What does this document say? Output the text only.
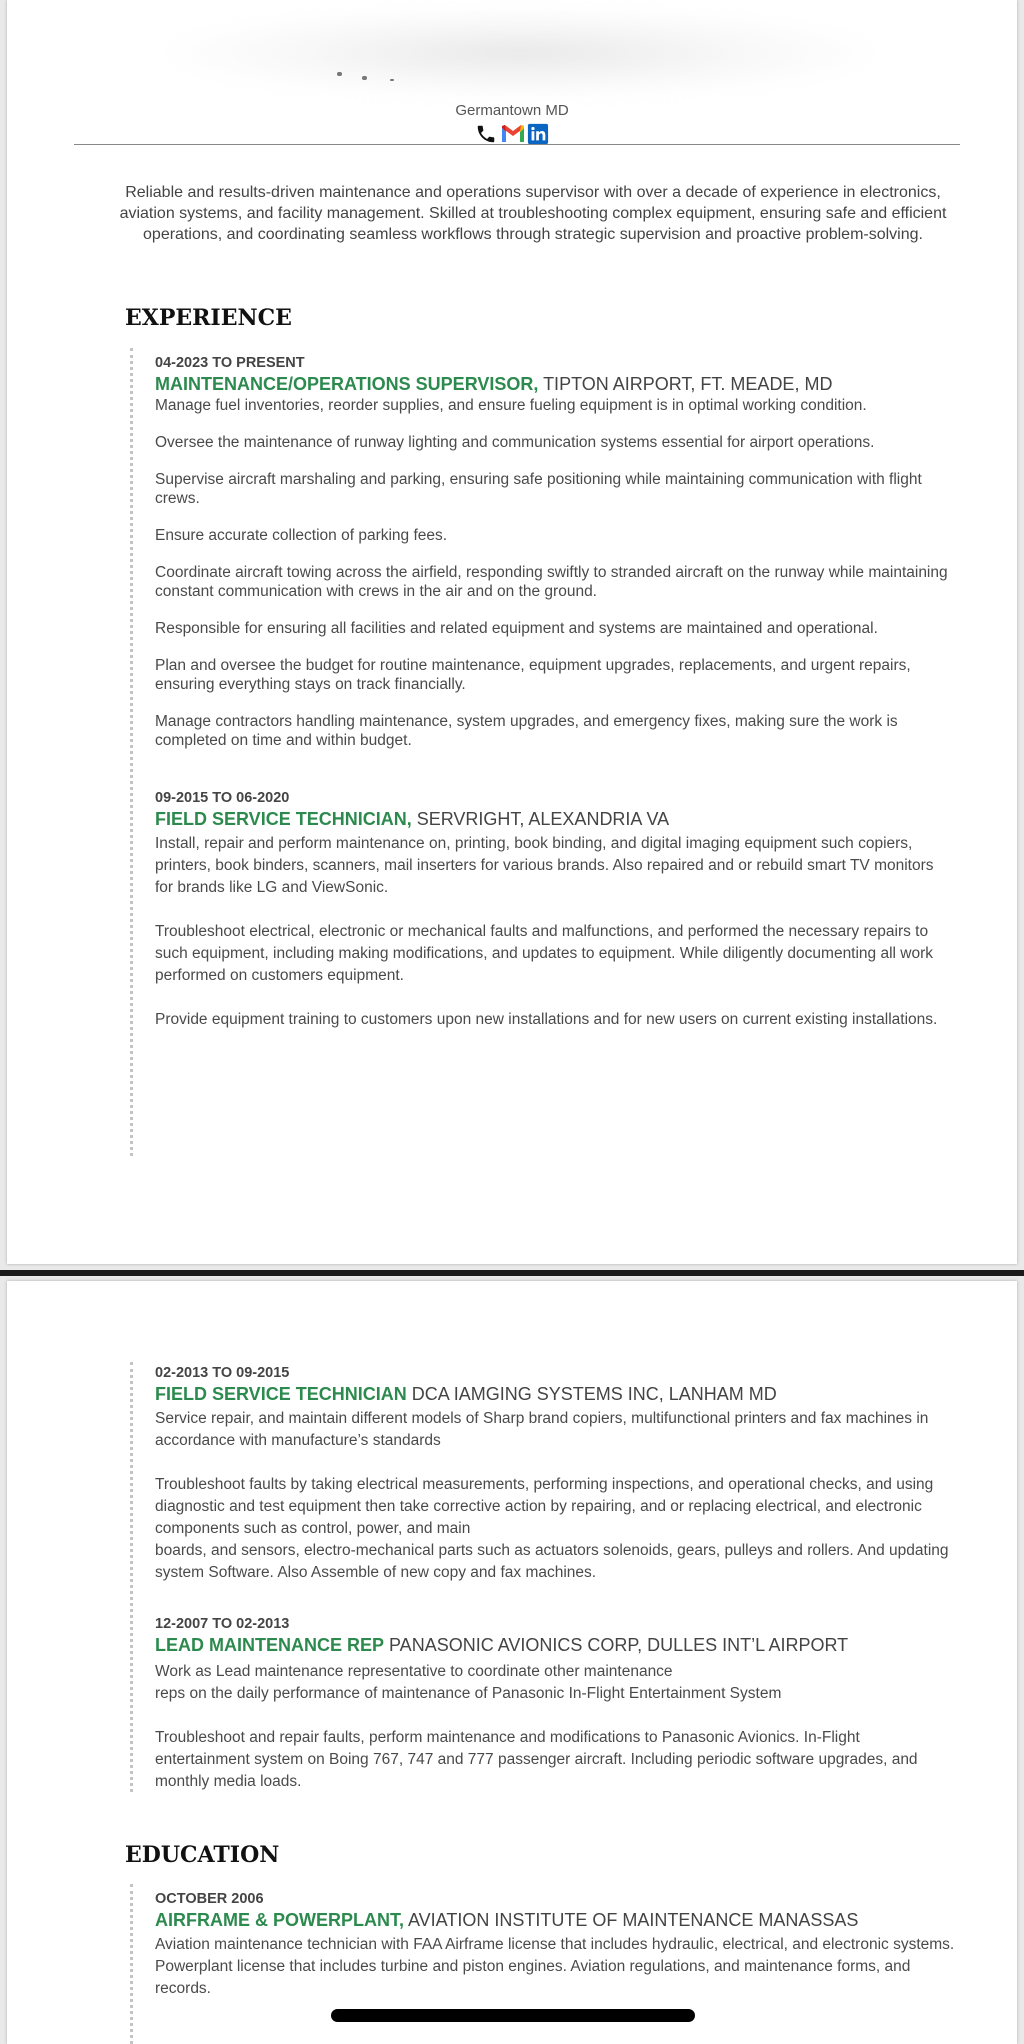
Germantown MD
Reliable and results-driven maintenance and operations supervisor with over a decade of experience in electronics, aviation systems, and facility management. Skilled at troubleshooting complex equipment, ensuring safe and efficient operations, and coordinating seamless workflows through strategic supervision and proactive problem-solving.
EXPERIENCE
04-2023 TO PRESENT
MAINTENANCE/OPERATIONS SUPERVISOR, TIPTON AIRPORT, FT. MEADE, MD

Manage fuel inventories, reorder supplies, and ensure fueling equipment is in optimal working condition.

Oversee the maintenance of runway lighting and communication systems essential for airport operations.

Supervise aircraft marshaling and parking, ensuring safe positioning while maintaining communication with flight crews.

Ensure accurate collection of parking fees.

Coordinate aircraft towing across the airfield, responding swiftly to stranded aircraft on the runway while maintaining constant communication with crews in the air and on the ground.

Responsible for ensuring all facilities and related equipment and systems are maintained and operational.

Plan and oversee the budget for routine maintenance, equipment upgrades, replacements, and urgent repairs, ensuring everything stays on track financially.

Manage contractors handling maintenance, system upgrades, and emergency fixes, making sure the work is completed on time and within budget.

09-2015 TO 06-2020
FIELD SERVICE TECHNICIAN, SERVRIGHT, ALEXANDRIA VA

Install, repair and perform maintenance on, printing, book binding, and digital imaging equipment such copiers, printers, book binders, scanners, mail inserters for various brands. Also repaired and or rebuild smart TV monitors for brands like LG and ViewSonic.

Troubleshoot electrical, electronic or mechanical faults and malfunctions, and performed the necessary repairs to such equipment, including making modifications, and updates to equipment. While diligently documenting all work performed on customers equipment.

Provide equipment training to customers upon new installations and for new users on current existing installations.

02-2013 TO 09-2015
FIELD SERVICE TECHNICIAN DCA IAMGING SYSTEMS INC, LANHAM MD

Service repair, and maintain different models of Sharp brand copiers, multifunctional printers and fax machines in accordance with manufacture’s standards

Troubleshoot faults by taking electrical measurements, performing inspections, and operational checks, and using diagnostic and test equipment then take corrective action by repairing, and or replacing electrical, and electronic components such as control, power, and main
boards, and sensors, electro-mechanical parts such as actuators solenoids, gears, pulleys and rollers. And updating system Software. Also Assemble of new copy and fax machines.

12-2007 TO 02-2013
LEAD MAINTENANCE REP PANASONIC AVIONICS CORP, DULLES INT’L AIRPORT

Work as Lead maintenance representative to coordinate other maintenance
reps on the daily performance of maintenance of Panasonic In-Flight Entertainment System

Troubleshoot and repair faults, perform maintenance and modifications to Panasonic Avionics. In-Flight entertainment system on Boing 767, 747 and 777 passenger aircraft. Including periodic software upgrades, and monthly media loads.

EDUCATION
OCTOBER 2006
AIRFRAME & POWERPLANT, AVIATION INSTITUTE OF MAINTENANCE MANASSAS

Aviation maintenance technician with FAA Airframe license that includes hydraulic, electrical, and electronic systems. Powerplant license that includes turbine and piston engines. Aviation regulations, and maintenance forms, and records.
